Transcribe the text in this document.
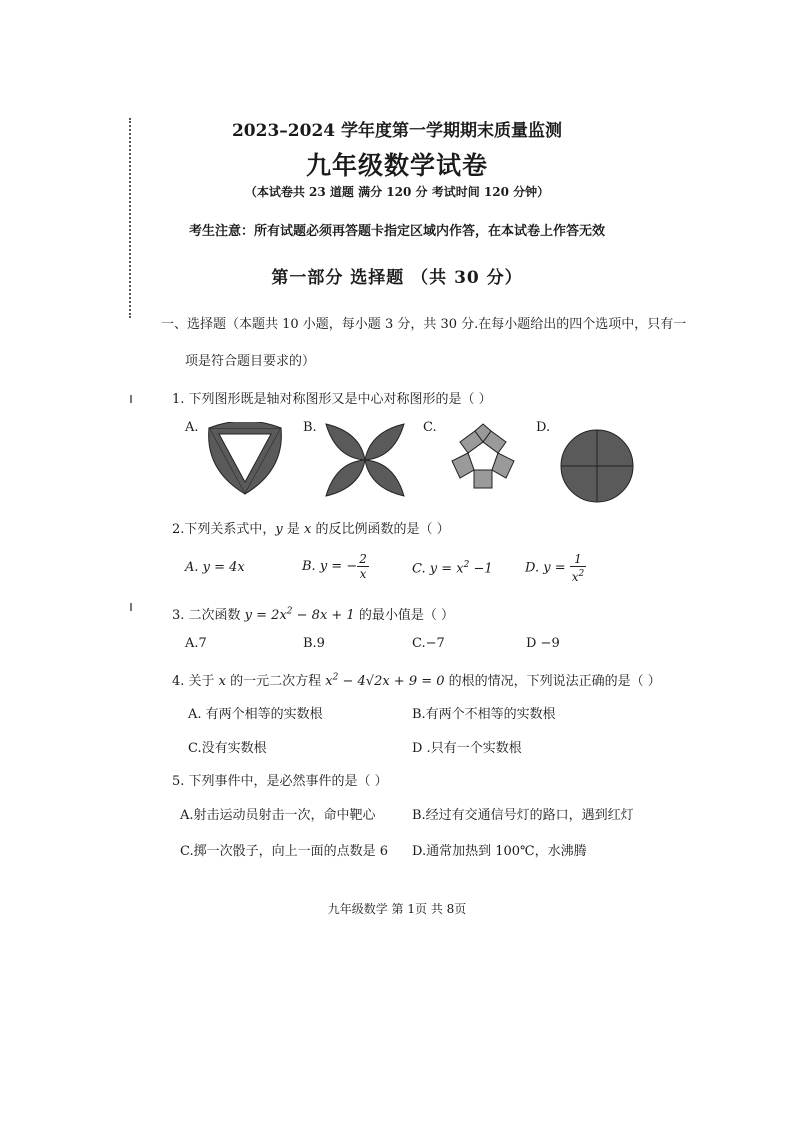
2023–2024 学年度第一学期期末质量监测
九年级数学试卷
（本试卷共 23 道题 满分 120 分 考试时间 120 分钟）
考生注意：所有试题必须再答题卡指定区域内作答，在本试卷上作答无效
第一部分 选择题 （共 30 分）
一、选择题（本题共 10 小题，每小题 3 分，共 30 分.在每小题给出的四个选项中，只有一
项是符合题目要求的）
1. 下列图形既是轴对称图形又是中心对称图形的是（ ）
A.	B.	C.	D.
2.下列关系式中，y 是 x 的反比例函数的是（ ）
A. y = 4x	B. y = − $\frac{2}{x}$	C. $y = x^2 -1$ D. $y = \frac{1}{x^2}$
3. 二次函数 $y = 2x^2 - 8x + 1$ 的最小值是（ ）
A.7	B.9	C.−7	D −9
4. 关于 x 的一元二次方程 $x^2 - 4√2x + 9 = 0$ 的根的情况，下列说法正确的是（ ）
A. 有两个相等的实数根	B.有两个不相等的实数根
C.没有实数根	D .只有一个实数根
5. 下列事件中，是必然事件的是（ ）
A.射击运动员射击一次，命中靶心	B.经过有交通信号灯的路口，遇到红灯
C.掷一次骰子，向上一面的点数是 6 D.通常加热到 100℃，水沸腾
九年级数学 第 1页 共 8页
